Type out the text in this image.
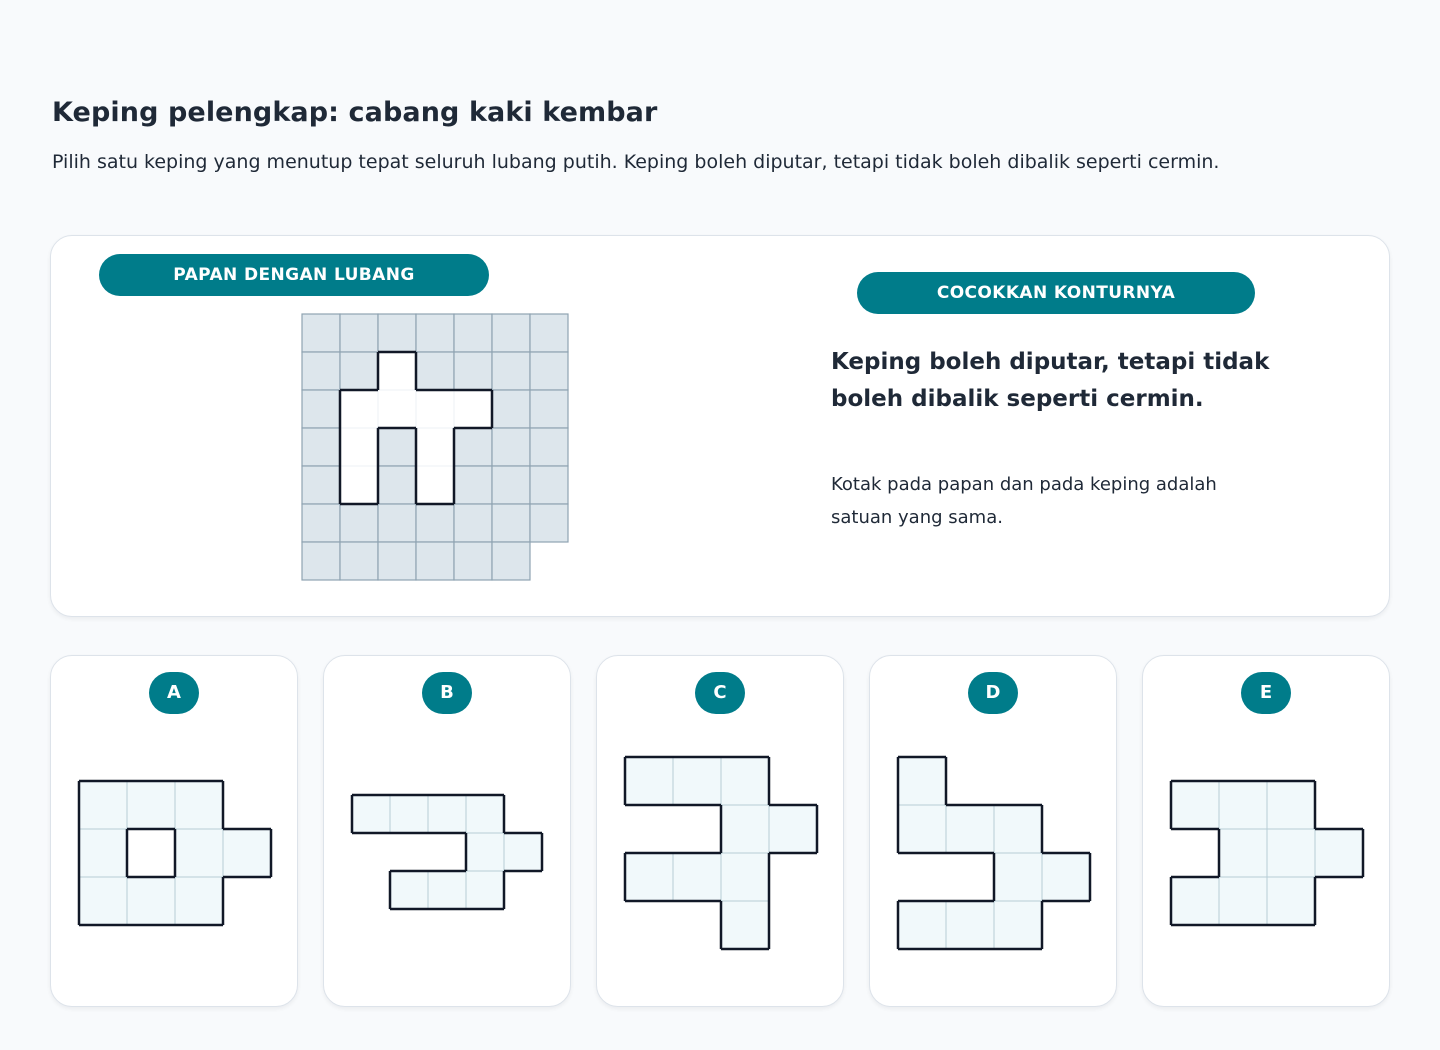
Keping pelengkap: cabang kaki kembar

Pilih satu keping yang menutup tepat seluruh lubang putih. Keping boleh diputar, tetapi tidak boleh dibalik seperti cermin.

PAPAN DENGAN LUBANG
COCOKKAN KONTURNYA
Keping boleh diputar, tetapi tidak boleh dibalik seperti cermin.
Kotak pada papan dan pada keping adalah satuan yang sama.
A	B	C	D	E
